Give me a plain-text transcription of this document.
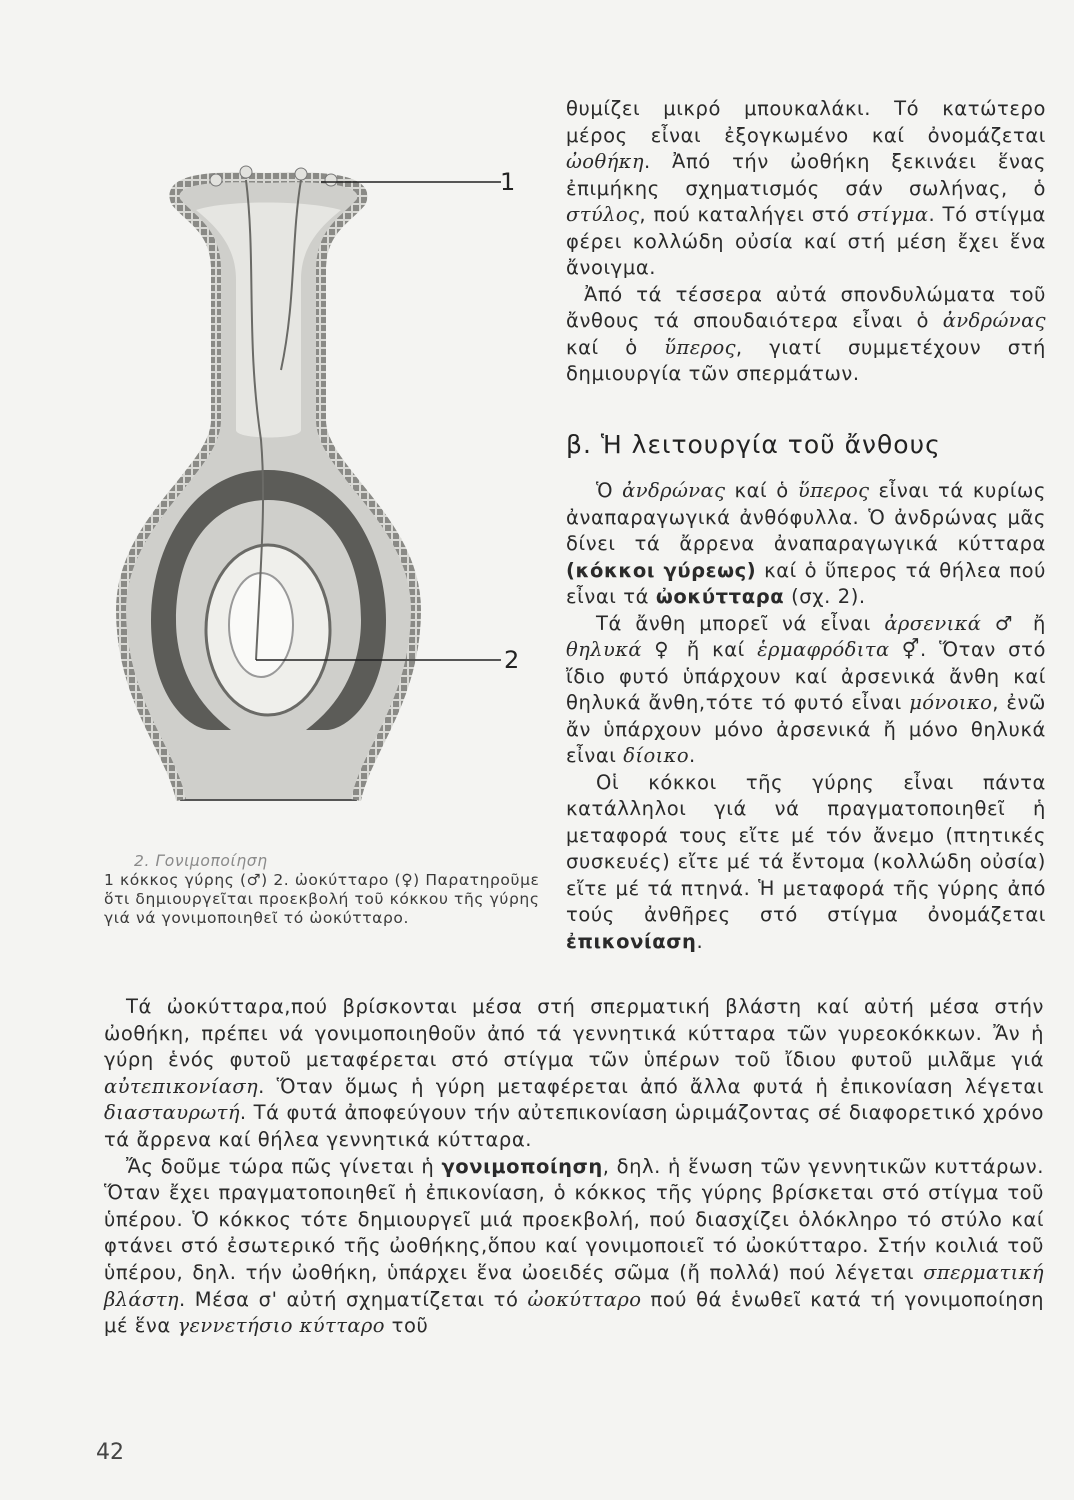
1
2

θυμίζει μικρό μπουκαλάκι. Τό κατώτερο μέρος εἶναι ἐξογκωμένο καί ὀνομάζεται ὠοθήκη. Ἀπό τήν ὠοθήκη ξεκινάει ἕνας ἐπιμήκης σχηματισμός σάν σωλήνας, ὁ στύλος, πού καταλήγει στό στίγμα. Τό στίγμα φέρει κολλώδη οὐσία καί στή μέση ἔχει ἕνα ἄνοιγμα.

Ἀπό τά τέσσερα αὐτά σπονδυλώματα τοῦ ἄνθους τά σπουδαιότερα εἶναι ὁ ἀνδρώνας καί ὁ ὕπερος, γιατί συμμετέχουν στή δημιουργία τῶν σπερμάτων.

β. Ἡ λειτουργία τοῦ ἄνθους

Ὁ ἀνδρώνας καί ὁ ὕπερος εἶναι τά κυρίως ἀναπαραγωγικά ἀνθόφυλλα. Ὁ ἀνδρώνας μᾶς δίνει τά ἄρρενα ἀναπαραγωγικά κύτταρα (κόκκοι γύρεως) καί ὁ ὕπερος τά θήλεα πού εἶναι τά ὠοκύτταρα (σχ. 2).

Τά ἄνθη μπορεῖ νά εἶναι ἀρσενικά ♂ ἤ θηλυκά ♀ ἤ καί ἑρμαφρόδιτα ⚥. Ὅταν στό ἴδιο φυτό ὑπάρχουν καί ἀρσενικά ἄνθη καί θηλυκά ἄνθη,τότε τό φυτό εἶναι μόνοικο, ἐνῶ ἄν ὑπάρχουν μόνο ἀρσενικά ἤ μόνο θηλυκά εἶναι δίοικο.

Οἱ κόκκοι τῆς γύρης εἶναι πάντα κατάλληλοι γιά νά πραγματοποιηθεῖ ἡ μεταφορά τους εἴτε μέ τόν ἄνεμο (πτητικές συσκευές) εἴτε μέ τά ἔντομα (κολλώδη οὐσία) εἴτε μέ τά πτηνά. Ἡ μεταφορά τῆς γύρης ἀπό τούς ἀνθῆρες στό στίγμα ὀνομάζεται ἐπικονίαση.

2. Γονιμοποίηση

1 κόκκος γύρης (♂) 2. ὠοκύτταρο (♀) Παρατηροῦμε ὅτι δημιουργεῖται προεκβολή τοῦ κόκκου τῆς γύρης γιά νά γονιμοποιηθεῖ τό ὠοκύτταρο.

Τά ὠοκύτταρα,πού βρίσκονται μέσα στή σπερματική βλάστη καί αὐτή μέσα στήν ὠοθήκη, πρέπει νά γονιμοποιηθοῦν ἀπό τά γεννητικά κύτταρα τῶν γυρεοκόκκων. Ἄν ἡ γύρη ἑνός φυτοῦ μεταφέρεται στό στίγμα τῶν ὑπέρων τοῦ ἴδιου φυτοῦ μιλᾶμε γιά αὐτεπικονίαση. Ὅταν ὅμως ἡ γύρη μεταφέρεται ἀπό ἄλλα φυτά ἡ ἐπικονίαση λέγεται διασταυρωτή. Τά φυτά ἀποφεύγουν τήν αὐτεπικονίαση ὡριμάζοντας σέ διαφορετικό χρόνο τά ἄρρενα καί θήλεα γεννητικά κύτταρα.

Ἄς δοῦμε τώρα πῶς γίνεται ἡ γονιμοποίηση, δηλ. ἡ ἕνωση τῶν γεννητικῶν κυττάρων. Ὅταν ἔχει πραγματοποιηθεῖ ἡ ἐπικονίαση, ὁ κόκκος τῆς γύρης βρίσκεται στό στίγμα τοῦ ὑπέρου. Ὁ κόκκος τότε δημιουργεῖ μιά προεκβολή, πού διασχίζει ὁλόκληρο τό στύλο καί φτάνει στό ἐσωτερικό τῆς ὠοθήκης,ὅπου καί γονιμοποιεῖ τό ὠοκύτταρο. Στήν κοιλιά τοῦ ὑπέρου, δηλ. τήν ὠοθήκη, ὑπάρχει ἕνα ὠοειδές σῶμα (ἤ πολλά) πού λέγεται σπερματική βλάστη. Μέσα σ' αὐτή σχηματίζεται τό ὠοκύτταρο πού θά ἑνωθεῖ κατά τή γονιμοποίηση μέ ἕνα γεννετήσιο κύτταρο τοῦ

42
